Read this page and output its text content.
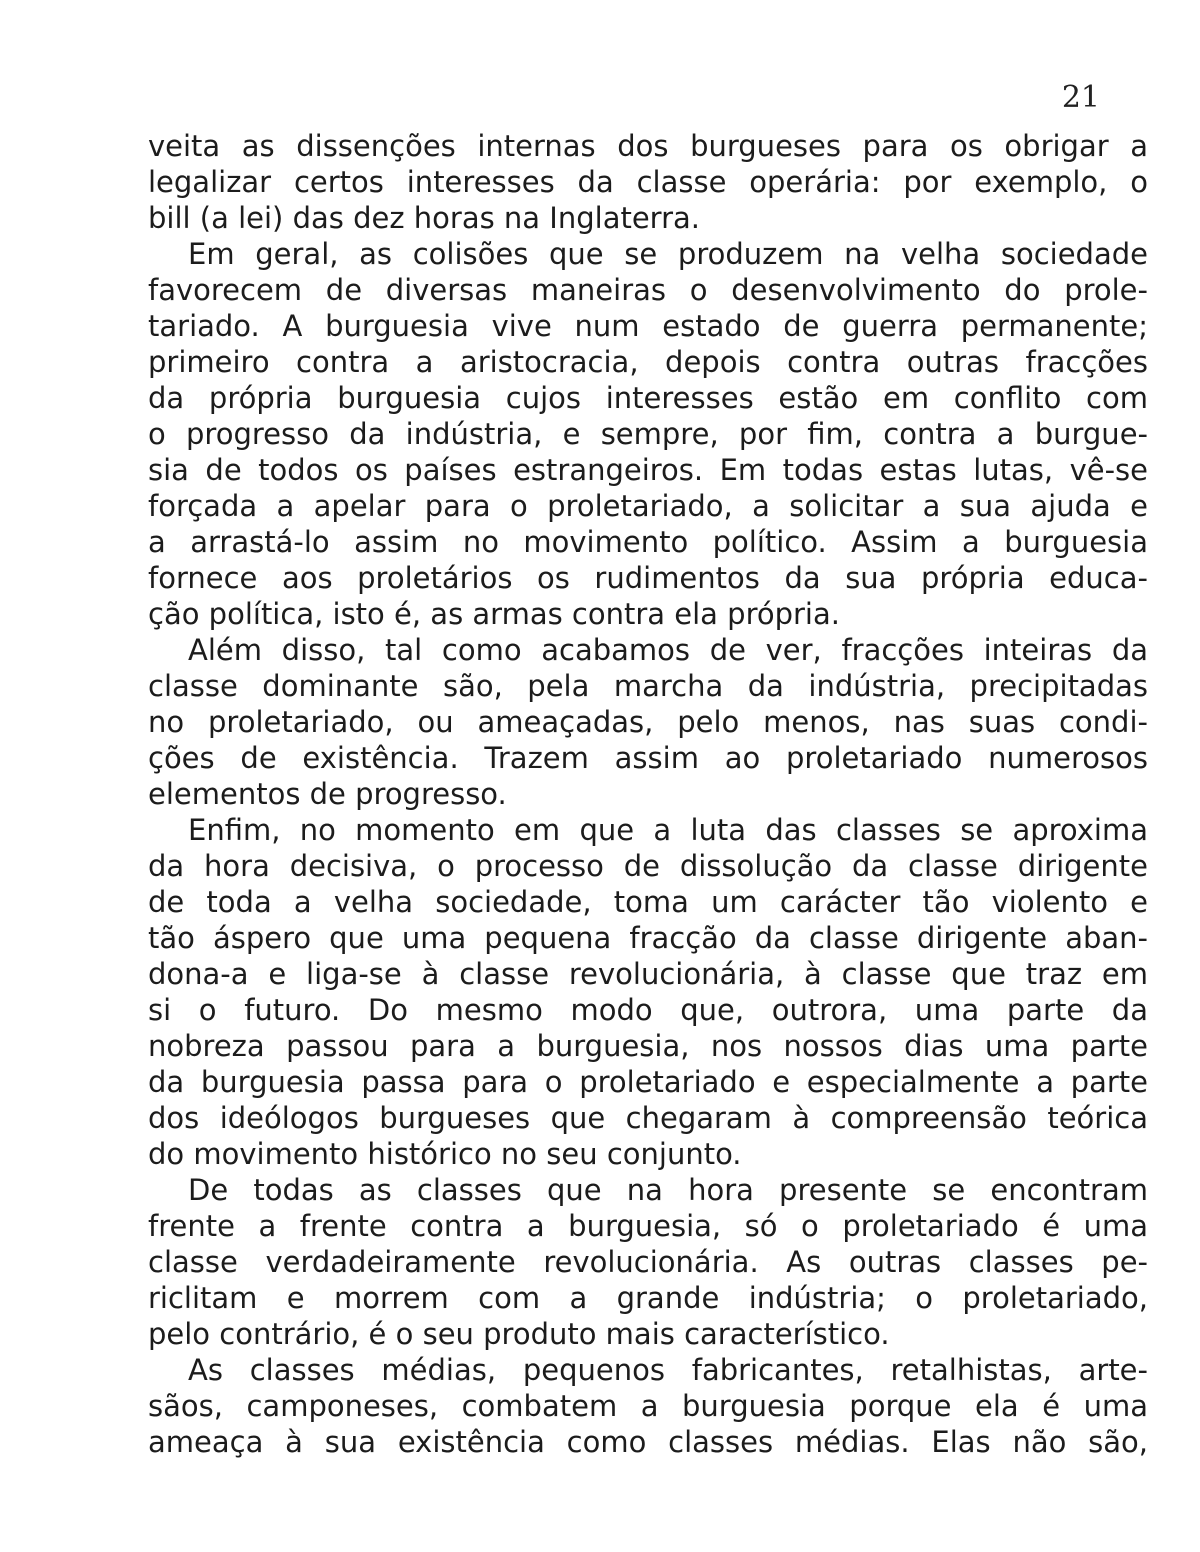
21
veita as dissenções internas dos burgueses para os obrigar a
legalizar certos interesses da classe operária: por exemplo, o
bill (a lei) das dez horas na Inglaterra.
Em geral, as colisões que se produzem na velha sociedade
favorecem de diversas maneiras o desenvolvimento do prole-
tariado. A burguesia vive num estado de guerra permanente;
primeiro contra a aristocracia, depois contra outras fracções
da própria burguesia cujos interesses estão em conflito com
o progresso da indústria, e sempre, por fim, contra a burgue-
sia de todos os países estrangeiros. Em todas estas lutas, vê-se
forçada a apelar para o proletariado, a solicitar a sua ajuda e
a arrastá-lo assim no movimento político. Assim a burguesia
fornece aos proletários os rudimentos da sua própria educa-
ção política, isto é, as armas contra ela própria.
Além disso, tal como acabamos de ver, fracções inteiras da
classe dominante são, pela marcha da indústria, precipitadas
no proletariado, ou ameaçadas, pelo menos, nas suas condi-
ções de existência. Trazem assim ao proletariado numerosos
elementos de progresso.
Enfim, no momento em que a luta das classes se aproxima
da hora decisiva, o processo de dissolução da classe dirigente
de toda a velha sociedade, toma um carácter tão violento e
tão áspero que uma pequena fracção da classe dirigente aban-
dona-a e liga-se à classe revolucionária, à classe que traz em
si o futuro. Do mesmo modo que, outrora, uma parte da
nobreza passou para a burguesia, nos nossos dias uma parte
da burguesia passa para o proletariado e especialmente a parte
dos ideólogos burgueses que chegaram à compreensão teórica
do movimento histórico no seu conjunto.
De todas as classes que na hora presente se encontram
frente a frente contra a burguesia, só o proletariado é uma
classe verdadeiramente revolucionária. As outras classes pe-
riclitam e morrem com a grande indústria; o proletariado,
pelo contrário, é o seu produto mais característico.
As classes médias, pequenos fabricantes, retalhistas, arte-
sãos, camponeses, combatem a burguesia porque ela é uma
ameaça à sua existência como classes médias. Elas não são,
